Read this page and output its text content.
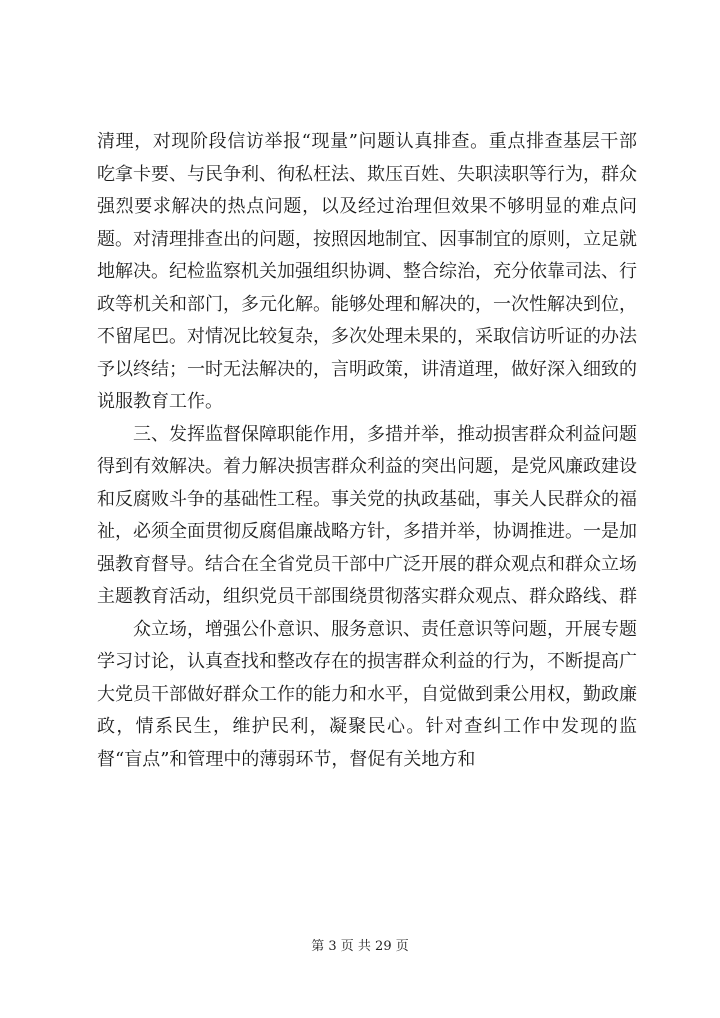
清理，对现阶段信访举报“现量”问题认真排查。重点排查基层干部吃拿卡要、与民争利、徇私枉法、欺压百姓、失职渎职等行为，群众强烈要求解决的热点问题，以及经过治理但效果不够明显的难点问题。对清理排查出的问题，按照因地制宜、因事制宜的原则，立足就地解决。纪检监察机关加强组织协调、整合综治，充分依靠司法、行政等机关和部门，多元化解。能够处理和解决的，一次性解决到位，不留尾巴。对情况比较复杂，多次处理未果的，采取信访听证的办法予以终结；一时无法解决的，言明政策，讲清道理，做好深入细致的说服教育工作。

三、发挥监督保障职能作用，多措并举，推动损害群众利益问题得到有效解决。着力解决损害群众利益的突出问题，是党风廉政建设和反腐败斗争的基础性工程。事关党的执政基础，事关人民群众的福祉，必须全面贯彻反腐倡廉战略方针，多措并举，协调推进。一是加强教育督导。结合在全省党员干部中广泛开展的群众观点和群众立场主题教育活动，组织党员干部围绕贯彻落实群众观点、群众路线、群

众立场，增强公仆意识、服务意识、责任意识等问题，开展专题学习讨论，认真查找和整改存在的损害群众利益的行为，不断提高广大党员干部做好群众工作的能力和水平，自觉做到秉公用权，勤政廉政，情系民生，维护民利，凝聚民心。针对查纠工作中发现的监督“盲点”和管理中的薄弱环节，督促有关地方和

第 3 页 共 29 页
